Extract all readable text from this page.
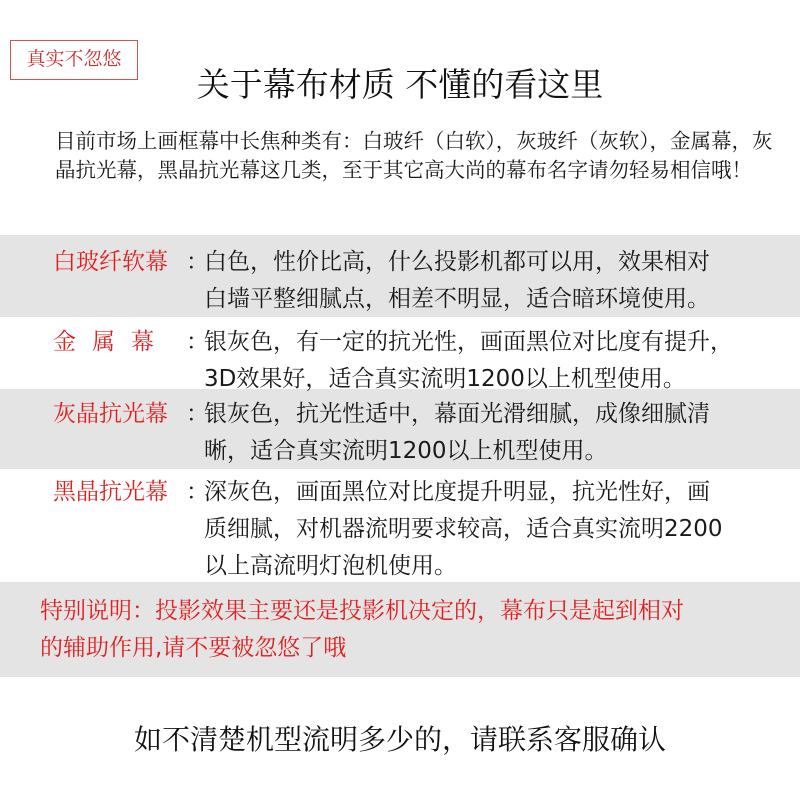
真实不忽悠
关于幕布材质 不懂的看这里
目前市场上画框幕中长焦种类有：白玻纤（白软），灰玻纤（灰软），金属幕，灰晶抗光幕，黑晶抗光幕这几类，至于其它高大尚的幕布名字请勿轻易相信哦！
白玻纤软幕 ：
白色，性价比高，什么投影机都可以用，效果相对
白墙平整细腻点，相差不明显，适合暗环境使用。
金属幕 ：
银灰色，有一定的抗光性，画面黑位对比度有提升，
3D效果好，适合真实流明1200以上机型使用。
灰晶抗光幕 ：
银灰色，抗光性适中，幕面光滑细腻，成像细腻清
晰，适合真实流明1200以上机型使用。
黑晶抗光幕 ：
深灰色，画面黑位对比度提升明显，抗光性好，画
质细腻，对机器流明要求较高，适合真实流明2200
以上高流明灯泡机使用。
特别说明：投影效果主要还是投影机决定的，幕布只是起到相对
的辅助作用,请不要被忽悠了哦
如不清楚机型流明多少的，请联系客服确认
